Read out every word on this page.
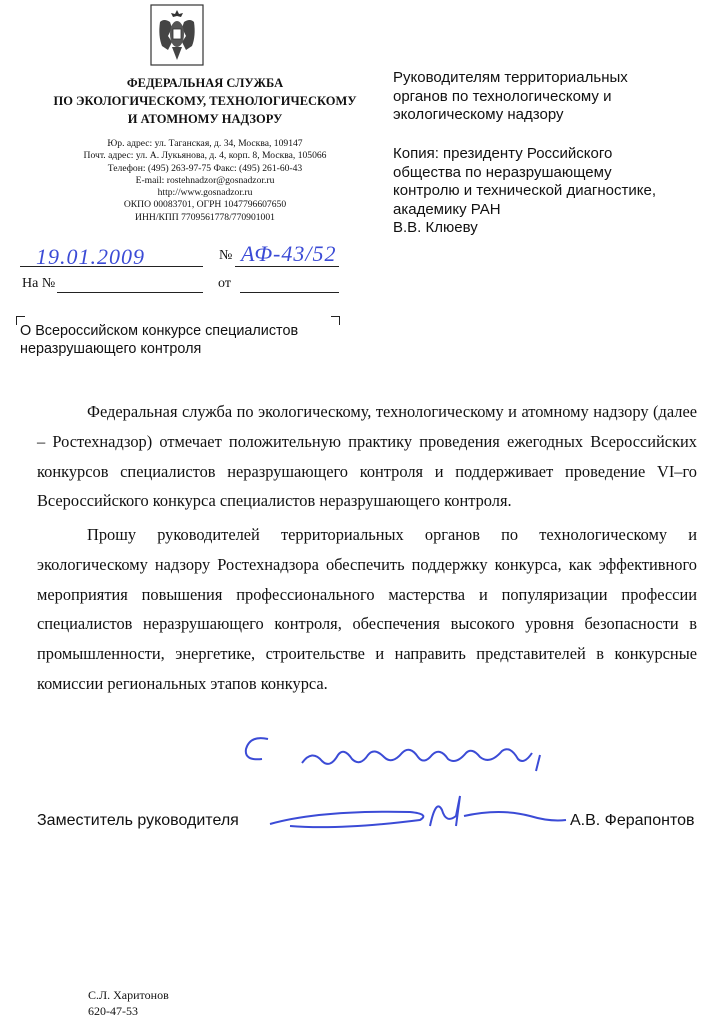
ФЕДЕРАЛЬНАЯ СЛУЖБА
ПО ЭКОЛОГИЧЕСКОМУ, ТЕХНОЛОГИЧЕСКОМУ
И АТОМНОМУ НАДЗОРУ
Юр. адрес: ул. Таганская, д. 34, Москва, 109147
Почт. адрес: ул. А. Лукьянова, д. 4, корп. 8, Москва, 105066
Телефон: (495) 263-97-75 Факс: (495) 261-60-43
E-mail: rostehnadzor@gosnadzor.ru
http://www.gosnadzor.ru
ОКПО 00083701, ОГРН 1047796607650
ИНН/КПП 7709561778/770901001
Руководителям территориальных
органов по технологическому и
экологическому надзору
Копия: президенту Российского
общества по неразрушающему
контролю и технической диагностике,
академику РАН
В.В. Клюеву
19.01.2009	№ АФ-43/52
На №	от
О Всероссийском конкурсе специалистов
неразрушающего контроля
Федеральная служба по экологическому, технологическому и атомному надзору (далее – Ростехнадзор) отмечает положительную практику проведения ежегодных Всероссийских конкурсов специалистов неразрушающего контроля и поддерживает проведение VI–го Всероссийского конкурса специалистов неразрушающего контроля.
Прошу руководителей территориальных органов по технологическому и экологическому надзору Ростехнадзора обеспечить поддержку конкурса, как эффективного мероприятия повышения профессионального мастерства и популяризации профессии специалистов неразрушающего контроля, обеспечения высокого уровня безопасности в промышленности, энергетике, строительстве и направить представителей в конкурсные комиссии региональных этапов конкурса.
Заместитель руководителя	А.В. Ферапонтов
С.Л. Харитонов
620-47-53
